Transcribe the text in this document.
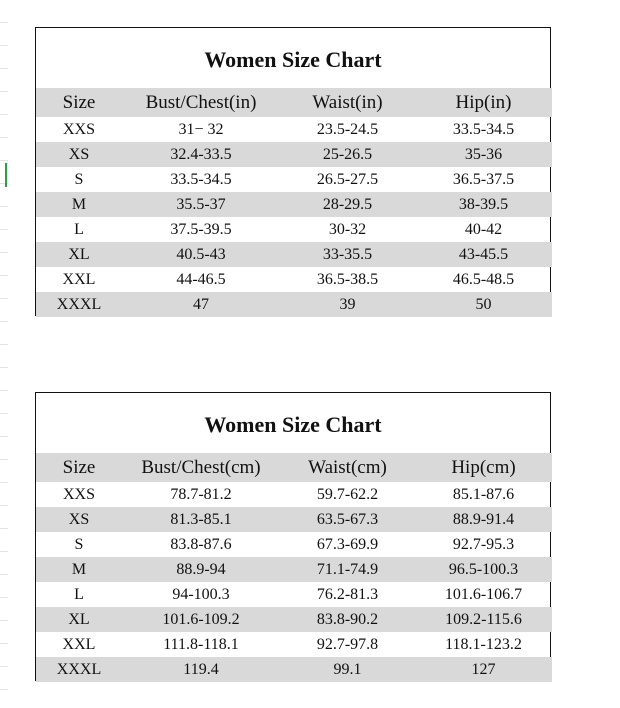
Women Size Chart
Size	Bust/Chest(in)	Waist(in)	Hip(in)
XXS	31− 32	23.5-24.5	33.5-34.5
XS	32.4-33.5	25-26.5	35-36
S	33.5-34.5	26.5-27.5	36.5-37.5
M	35.5-37	28-29.5	38-39.5
L	37.5-39.5	30-32	40-42
XL	40.5-43	33-35.5	43-45.5
XXL	44-46.5	36.5-38.5	46.5-48.5
XXXL	47	39	50
Women Size Chart
Size	Bust/Chest(cm)	Waist(cm)	Hip(cm)
XXS	78.7-81.2	59.7-62.2	85.1-87.6
XS	81.3-85.1	63.5-67.3	88.9-91.4
S	83.8-87.6	67.3-69.9	92.7-95.3
M	88.9-94	71.1-74.9	96.5-100.3
L	94-100.3	76.2-81.3	101.6-106.7
XL	101.6-109.2	83.8-90.2	109.2-115.6
XXL	111.8-118.1	92.7-97.8	118.1-123.2
XXXL	119.4	99.1	127
